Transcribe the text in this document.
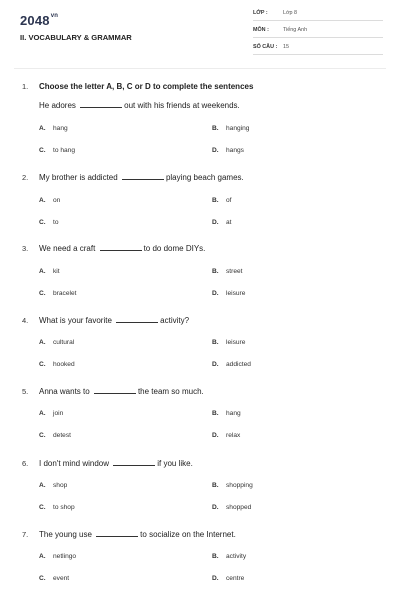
$2048^{vn}$
II. VOCABULARY & GRAMMAR
LỚP :	Lớp 8
MÔN :	Tiếng Anh
SỐ CÂU : 15
1. Choose the letter A, B, C or D to complete the sentences
He adores	out with his friends at weekends.
A. hang	B. hanging
C. to hang	D. hangs
2. My brother is addicted	playing beach games.
A. on	B. of
C. to	D. at
3. We need a craft	to do dome DIYs.
A. kit	B. street
C. bracelet	D. leisure
4. What is your favorite	activity?
A. cultural	B. leisure
C. hooked	D. addicted
5. Anna wants to	the team so much.
A. join	B. hang
C. detest	D. relax
6. I don't mind window	if you like.
A. shop	B. shopping
C. to shop	D. shopped
7. The young use	to socialize on the Internet.
A. netlingo	B. activity
C. event	D. centre
